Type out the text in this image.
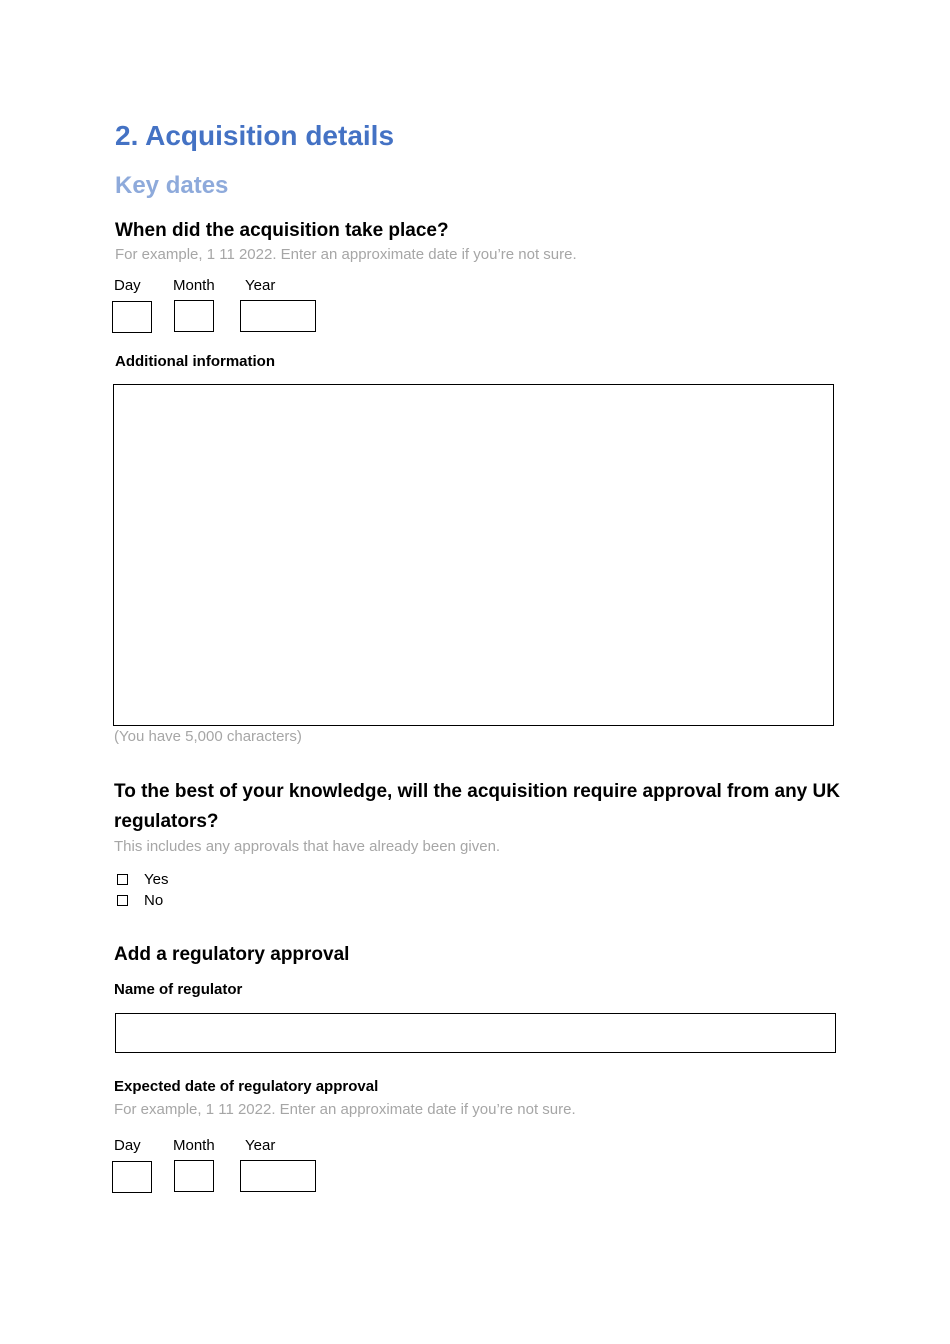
2. Acquisition details
Key dates
When did the acquisition take place?
For example, 1 11 2022. Enter an approximate date if you’re not sure.
Day Month Year
Additional information
(You have 5,000 characters)
To the best of your knowledge, will the acquisition require approval from any UK regulators?
This includes any approvals that have already been given.
Yes
No
Add a regulatory approval
Name of regulator
Expected date of regulatory approval
For example, 1 11 2022. Enter an approximate date if you’re not sure.
Day Month Year
